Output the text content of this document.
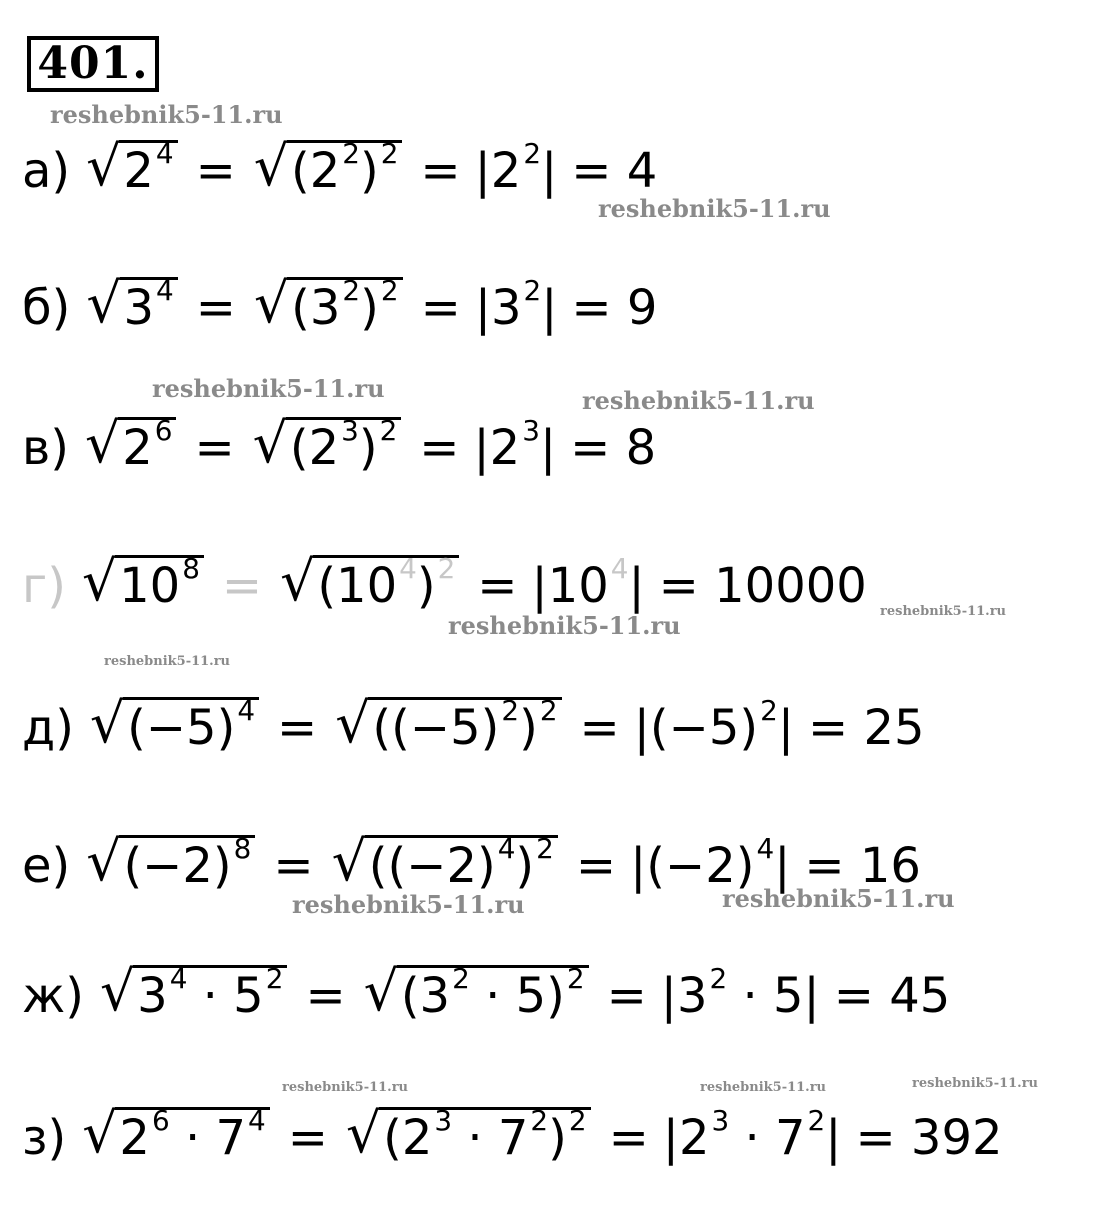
401.
reshebnik5-11.ru
reshebnik5-11.ru
reshebnik5-11.ru	reshebnik5-11.ru
reshebnik5-11.ru	reshebnik5-11.ru
reshebnik5-11.ru
reshebnik5-11.ru	reshebnik5-11.ru
reshebnik5-11.ru	reshebnik5-11.ru	reshebnik5-11.ru
а) √ $2^4$ = √ $(2^2)^2 = |2^2| = 4$
б) √ $3^4$ = √ $(3^2)^2 = |3^2| = 9$
в) √ $2^6$ = √ $(2^3)^2 = |2^3| = 8$
г) √ $10^8$ = √ $(10^4)^2 = |10^4| = 10000$
д) √ $(-5)^4$ = √ $((-5)^2)^2 = |(-5)^2| = 25$
е) √ $(-2)^8$ = √ $((-2)^4)^2 = |(-2)^4| = 16$
ж) √ $3^4 \cdot 5^2$ = √ $(3^2 \cdot 5)^2 = |3^2 \cdot 5| = 45$
з) √ $2^6 \cdot 7^4$ = √ $(2^3 \cdot 7^2)^2 = |2^3 \cdot 7^2| = 392$
